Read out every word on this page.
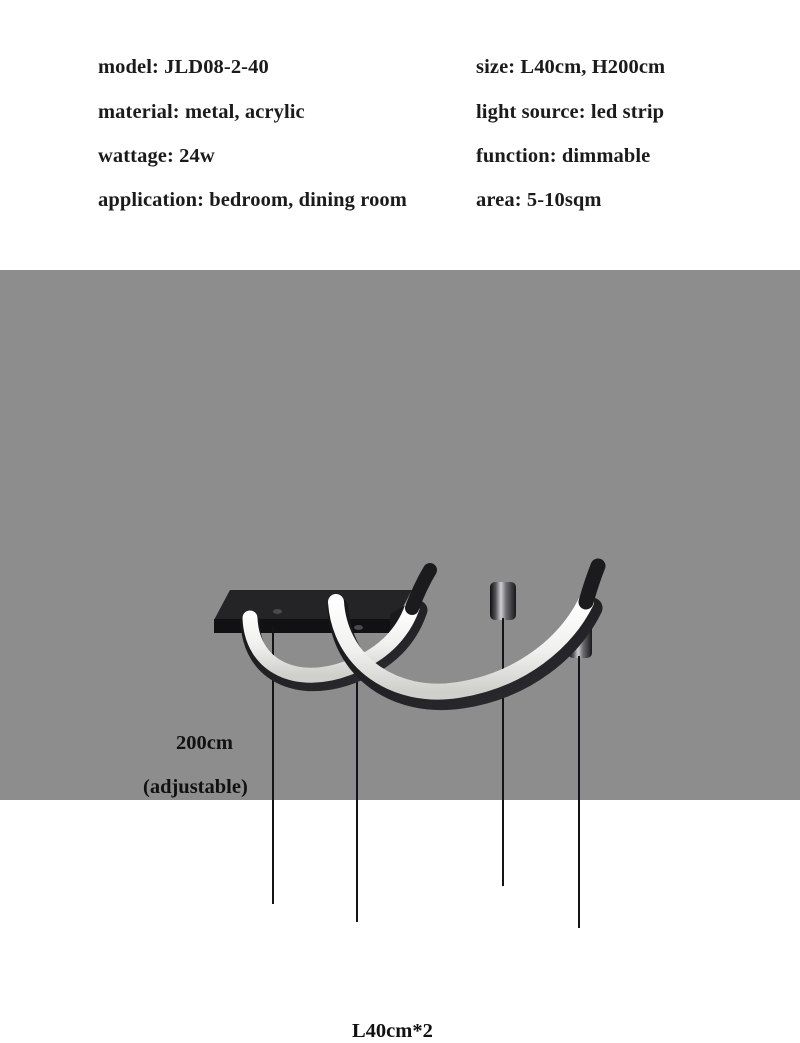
model: JLD08-2-40	size: L40cm, H200cm
material: metal, acrylic	light source: led strip
wattage: 24w	function: dimmable
application: bedroom, dining room	area: 5-10sqm
200cm
(adjustable)
L40cm*2
